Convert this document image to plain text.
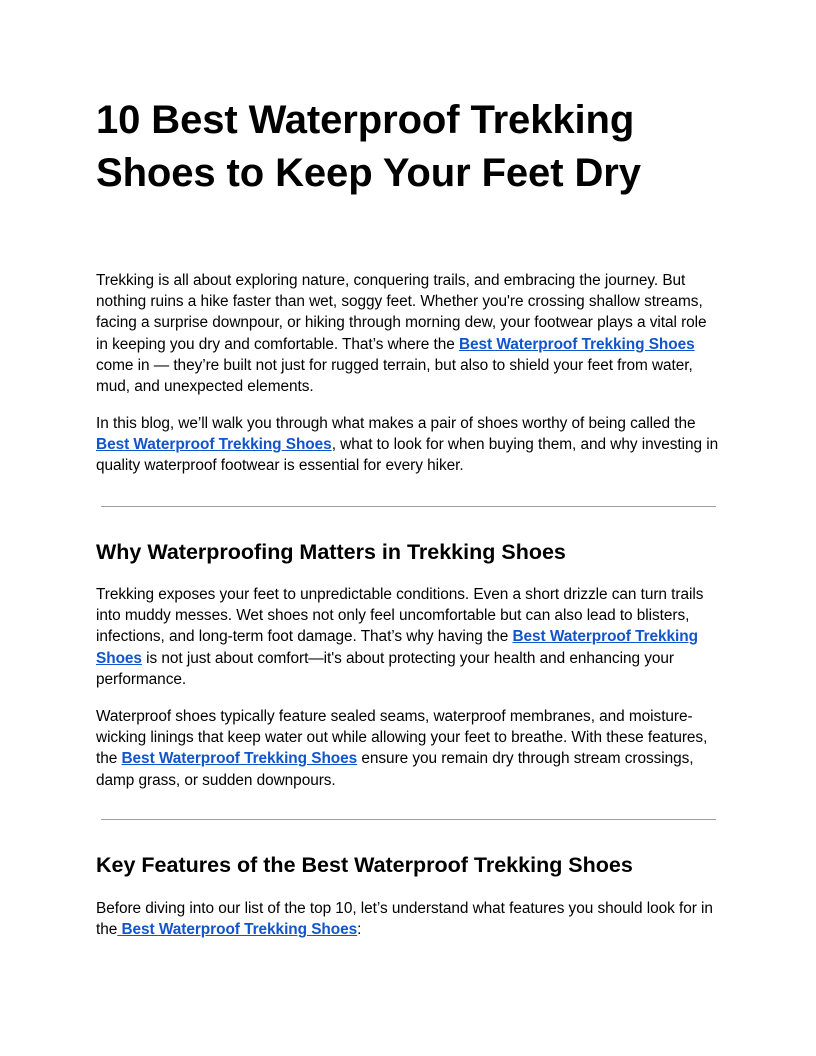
10 Best Waterproof Trekking Shoes to Keep Your Feet Dry

Trekking is all about exploring nature, conquering trails, and embracing the journey. But nothing ruins a hike faster than wet, soggy feet. Whether you're crossing shallow streams, facing a surprise downpour, or hiking through morning dew, your footwear plays a vital role in keeping you dry and comfortable. That’s where the Best Waterproof Trekking Shoes come in — they’re built not just for rugged terrain, but also to shield your feet from water, mud, and unexpected elements.

In this blog, we’ll walk you through what makes a pair of shoes worthy of being called the Best Waterproof Trekking Shoes, what to look for when buying them, and why investing in quality waterproof footwear is essential for every hiker.

Why Waterproofing Matters in Trekking Shoes

Trekking exposes your feet to unpredictable conditions. Even a short drizzle can turn trails into muddy messes. Wet shoes not only feel uncomfortable but can also lead to blisters, infections, and long-term foot damage. That’s why having the Best Waterproof Trekking Shoes is not just about comfort—it's about protecting your health and enhancing your performance.

Waterproof shoes typically feature sealed seams, waterproof membranes, and moisture-wicking linings that keep water out while allowing your feet to breathe. With these features, the Best Waterproof Trekking Shoes ensure you remain dry through stream crossings, damp grass, or sudden downpours.

Key Features of the Best Waterproof Trekking Shoes

Before diving into our list of the top 10, let’s understand what features you should look for in the Best Waterproof Trekking Shoes:
